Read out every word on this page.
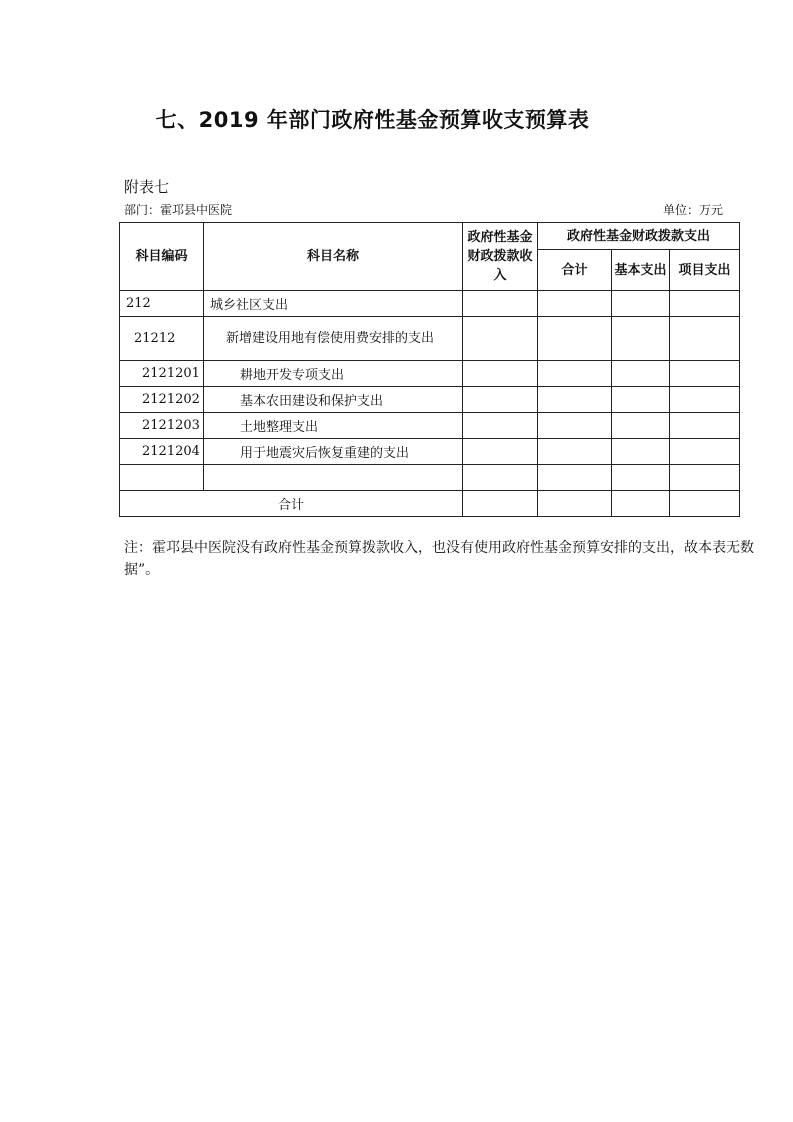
七、2019 年部门政府性基金预算收支预算表
附表七
部门：霍邛县中医院	单位：万元
科目编码	科目名称	政府性基金财政拨款收入	政府性基金财政拨款支出		
			合计	基本支出	项目支出
212	城乡社区支出				
21212	新增建设用地有偿使用费安排的支出				
2121201	耕地开发专项支出				
2121202	基本农田建设和保护支出				
2121203	土地整理支出				
2121204	用于地震灾后恢复重建的支出				

合计					
注：霍邛县中医院没有政府性基金预算拨款收入，也没有使用政府性基金预算安排的支出，故本表无数据”。
